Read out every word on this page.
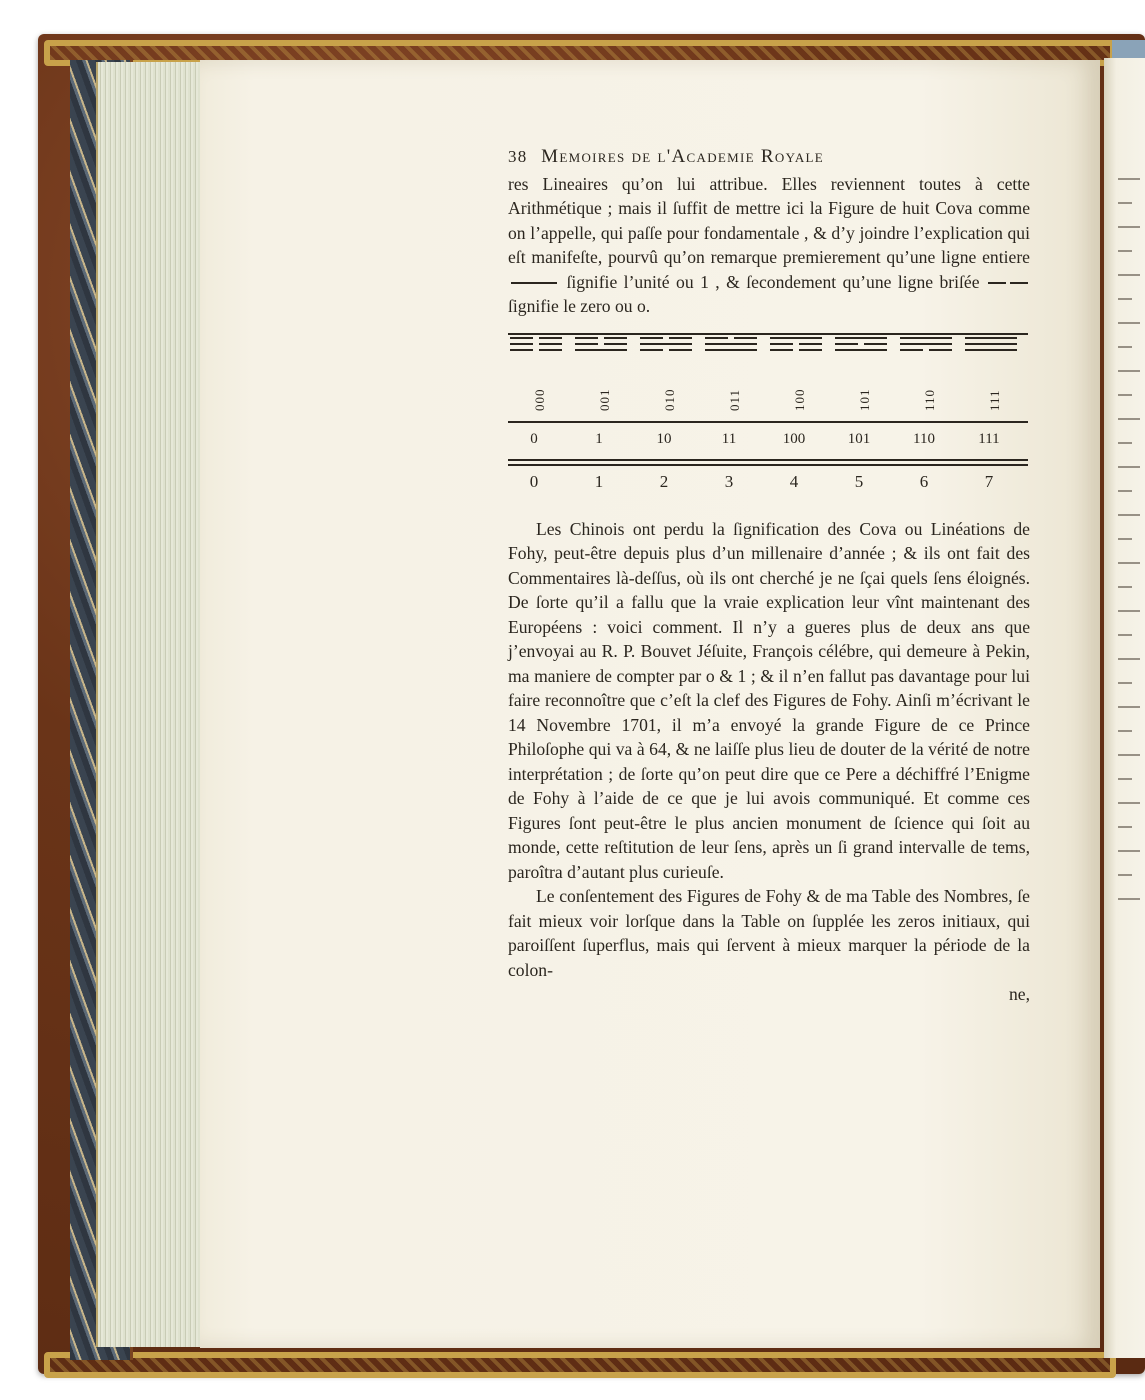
38 Memoires de l'Academie Royale

res Lineaires qu’on lui attribue. Elles reviennent toutes à cette Arithmétique ; mais il ſuffit de mettre ici la Figure de huit Cova comme on l’appelle, qui paſſe pour fondamentale , & d’y joindre l’explication qui eſt manifeſte, pourvû qu’on remarque premierement qu’une ligne entiere  ſignifie l’unité ou 1 , & ſecondement qu’une ligne briſée  ſignifie le zero ou o.

000
0
0
001
1
1
010
10
2
011
11
3
100
100
4
101
101
5
110
110
6
111
111
7

Les Chinois ont perdu la ſignification des Cova ou Linéations de Fohy, peut-être depuis plus d’un millenaire d’année ; & ils ont fait des Commentaires là-deſſus, où ils ont cherché je ne ſçai quels ſens éloignés. De ſorte qu’il a fallu que la vraie explication leur vînt maintenant des Européens : voici comment. Il n’y a gueres plus de deux ans que j’envoyai au R. P. Bouvet Jéſuite, François célébre, qui demeure à Pekin, ma maniere de compter par o & 1 ; & il n’en fallut pas davantage pour lui faire reconnoître que c’eſt la clef des Figures de Fohy. Ainſi m’écrivant le 14 Novembre 1701, il m’a envoyé la grande Figure de ce Prince Philoſophe qui va à 64, & ne laiſſe plus lieu de douter de la vérité de notre interprétation ; de ſorte qu’on peut dire que ce Pere a déchiffré l’Enigme de Fohy à l’aide de ce que je lui avois communiqué. Et comme ces Figures ſont peut-être le plus ancien monument de ſcience qui ſoit au monde, cette reſtitution de leur ſens, après un ſi grand intervalle de tems, paroîtra d’autant plus curieuſe.

Le conſentement des Figures de Fohy & de ma Table des Nombres, ſe fait mieux voir lorſque dans la Table on ſupplée les zeros initiaux, qui paroiſſent ſuperflus, mais qui ſervent à mieux marquer la période de la colon-

ne,
